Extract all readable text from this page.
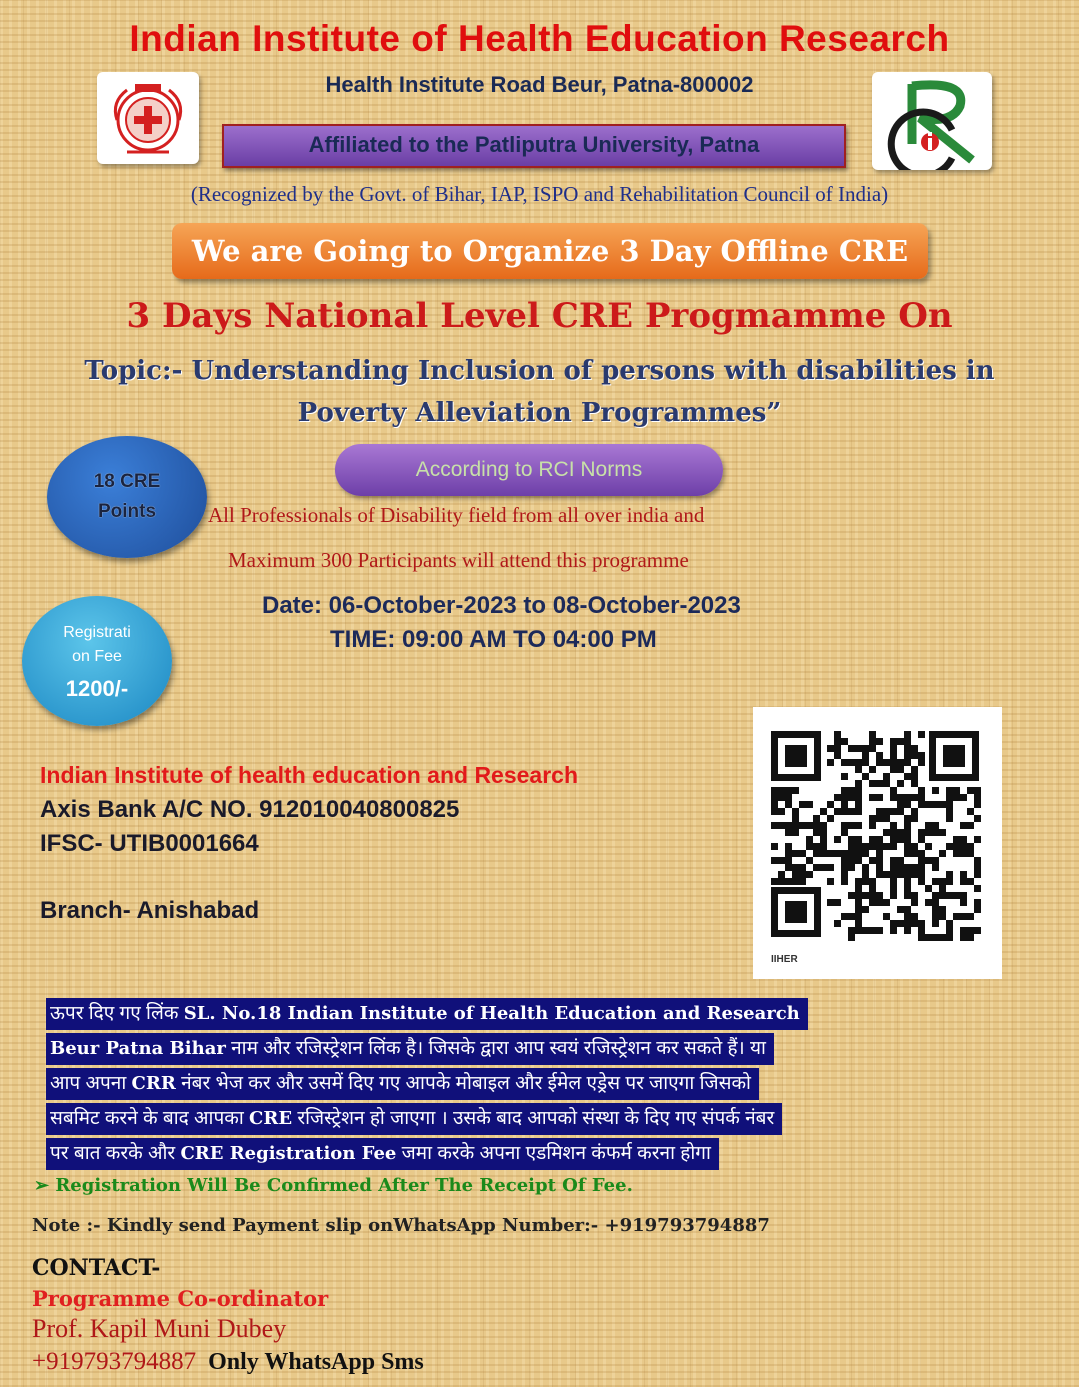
Indian Institute of Health Education Research
Health Institute Road Beur, Patna-800002
Affiliated to the Patliputra University, Patna
(Recognized by the Govt. of Bihar, IAP, ISPO and Rehabilitation Council of India)
We are Going to Organize 3 Day Offline CRE
3 Days National Level CRE Progmamme On
Topic:- Understanding Inclusion of persons with disabilities in
Poverty Alleviation Programmes”
18 CRE
Points
According to RCI Norms
All Professionals of Disability field from all over india and
Maximum 300 Participants will attend this programme
Date: 06-October-2023 to 08-October-2023
TIME: 09:00 AM TO 04:00 PM
Registrati
on Fee
1200/-
Indian Institute of health education and Research
Axis Bank A/C NO. 912010040800825
IFSC- UTIB0001664
Branch- Anishabad
IIHER
ऊपर दिए गए लिंक SL. No.18 Indian Institute of Health Education and Research
Beur Patna Bihar नाम और रजिस्ट्रेशन लिंक है। जिसके द्वारा आप स्वयं रजिस्ट्रेशन कर सकते हैं। या
आप अपना CRR नंबर भेज कर और उसमें दिए गए आपके मोबाइल और ईमेल एड्रेस पर जाएगा जिसको
सबमिट करने के बाद आपका CRE रजिस्ट्रेशन हो जाएगा । उसके बाद आपको संस्था के दिए गए संपर्क नंबर
पर बात करके और CRE Registration Fee जमा करके अपना एडमिशन कंफर्म करना होगा
➢ Registration Will Be Confirmed After The Receipt Of Fee.
Note :- Kindly send Payment slip onWhatsApp Number:- +919793794887
CONTACT-
Programme Co-ordinator
Prof. Kapil Muni Dubey
+919793794887 Only WhatsApp Sms
